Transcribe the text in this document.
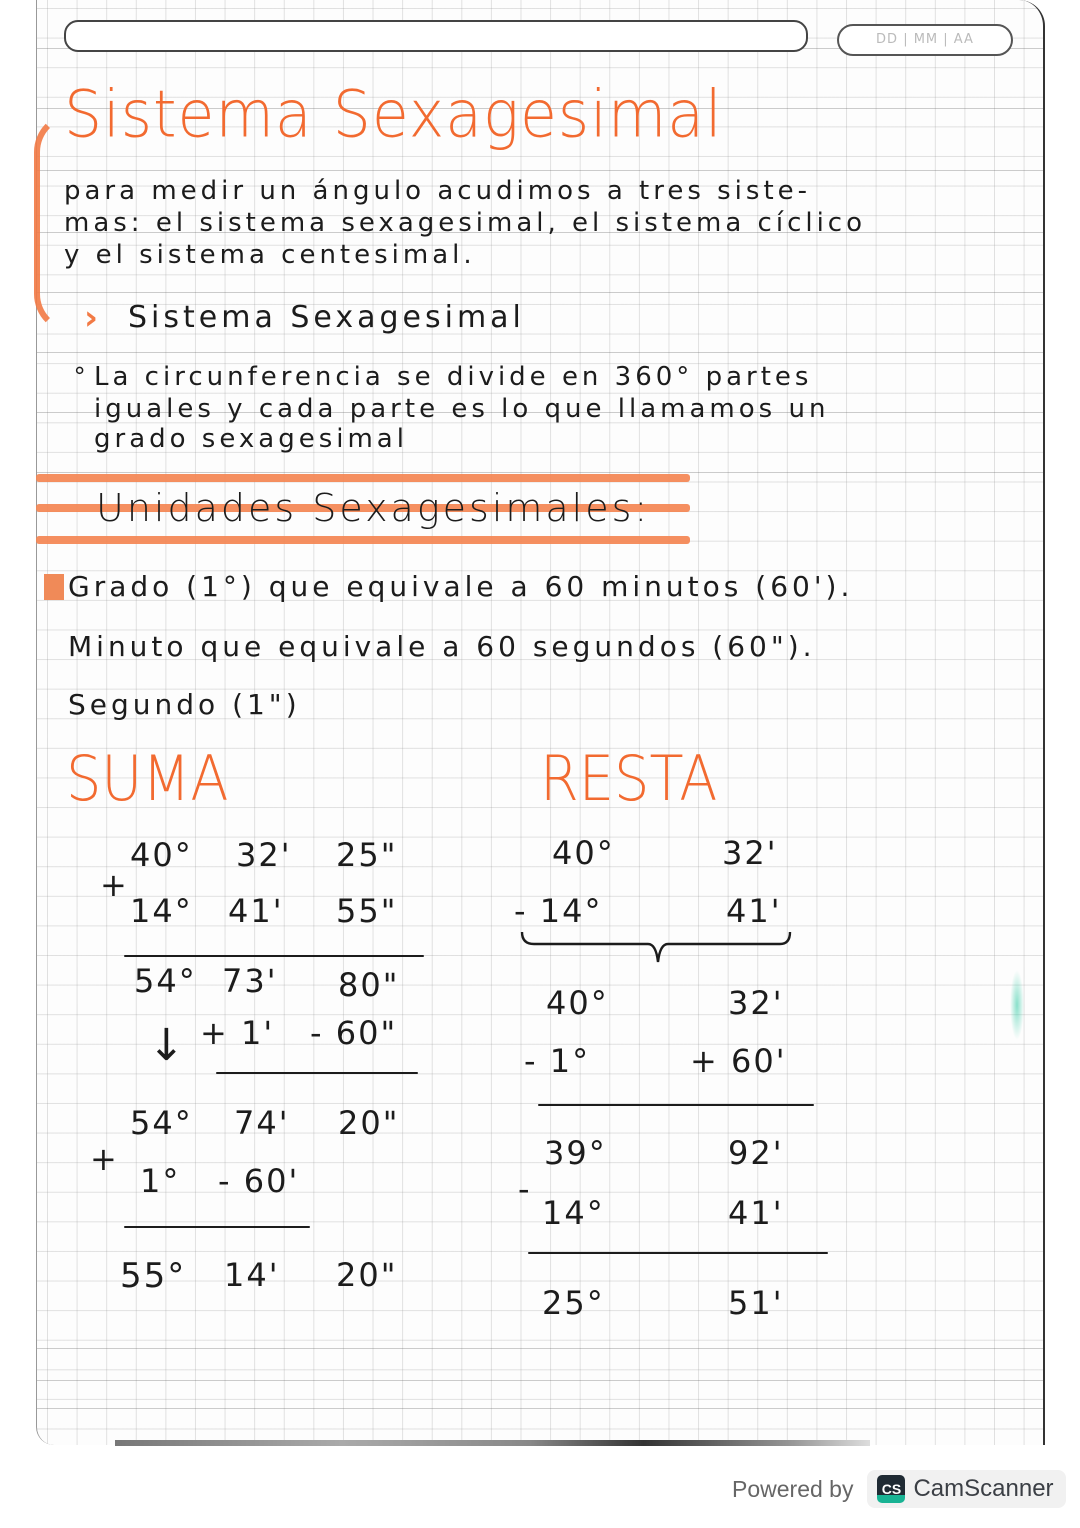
DD | MM | AA
›
Sistema Sexagesimal
para medir un ángulo acudimos a tres siste-
mas: el sistema sexagesimal, el sistema cíclico
y el sistema centesimal.
Sistema Sexagesimal
∘ La circunferencia se divide en 360° partes
iguales y cada parte es lo que llamamos un
grado sexagesimal
Unidades Sexagesimales:
Grado (1°) que equivale a 60 minutos (60').
Minuto que equivale a 60 segundos (60").
Segundo (1")
SUMA
+
40° 32' 25"
14° 41' 55"
54° 73' 80"
↓ + 1' - 60"
54° 74' 20"
+
1° - 60'
55° 14' 20"
RESTA
40°	32'
- 14°	41'
40°	32'
- 1°	+ 60'
39°	92'
-
14°	41'
25°	51'
Powered by	CS CamScanner
